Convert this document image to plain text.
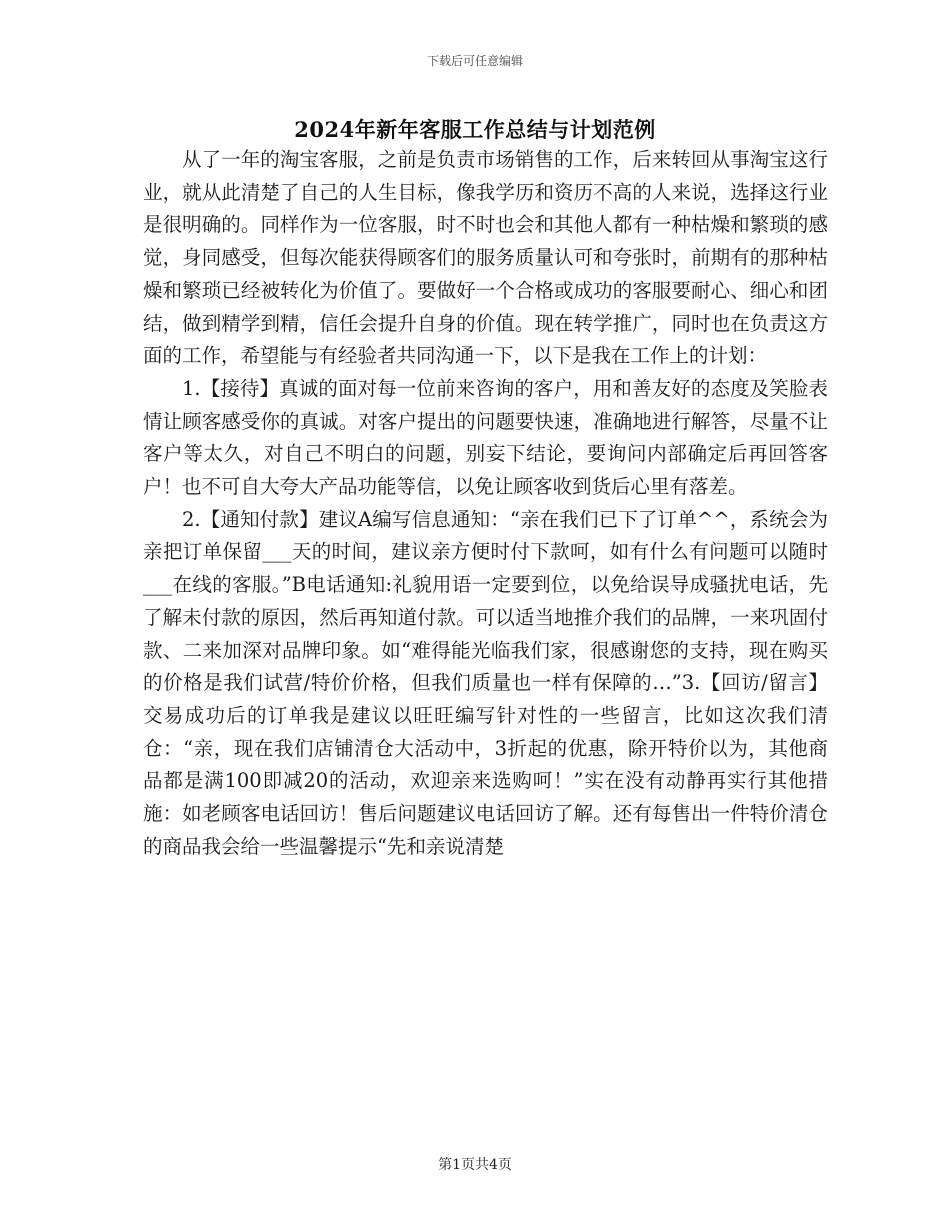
下载后可任意编辑
2024年新年客服工作总结与计划范例

从了一年的淘宝客服，之前是负责市场销售的工作，后来转回从事淘宝这行业，就从此清楚了自己的人生目标，像我学历和资历不高的人来说，选择这行业是很明确的。同样作为一位客服，时不时也会和其他人都有一种枯燥和繁琐的感觉，身同感受，但每次能获得顾客们的服务质量认可和夸张时，前期有的那种枯燥和繁琐已经被转化为价值了。要做好一个合格或成功的客服要耐心、细心和团结，做到精学到精，信任会提升自身的价值。现在转学推广，同时也在负责这方面的工作，希望能与有经验者共同沟通一下，以下是我在工作上的计划：

1.【接待】真诚的面对每一位前来咨询的客户，用和善友好的态度及笑脸表情让顾客感受你的真诚。对客户提出的问题要快速，准确地进行解答，尽量不让客户等太久，对自己不明白的问题，别妄下结论，要询问内部确定后再回答客户！也不可自大夸大产品功能等信，以免让顾客收到货后心里有落差。

2.【通知付款】建议A编写信息通知：“亲在我们已下了订单^^，系统会为亲把订单保留___天的时间，建议亲方便时付下款呵，如有什么有问题可以随时___在线的客服。”B电话通知:礼貌用语一定要到位，以免给误导成骚扰电话，先了解未付款的原因，然后再知道付款。可以适当地推介我们的品牌，一来巩固付款、二来加深对品牌印象。如“难得能光临我们家，很感谢您的支持，现在购买的价格是我们试营/特价价格，但我们质量也一样有保障的…”3.【回访/留言】交易成功后的订单我是建议以旺旺编写针对性的一些留言，比如这次我们清仓：“亲，现在我们店铺清仓大活动中，3折起的优惠，除开特价以为，其他商品都是满100即减20的活动，欢迎亲来选购呵！”实在没有动静再实行其他措施：如老顾客电话回访！售后问题建议电话回访了解。还有每售出一件特价清仓的商品我会给一些温馨提示“先和亲说清楚

第1页共4页
